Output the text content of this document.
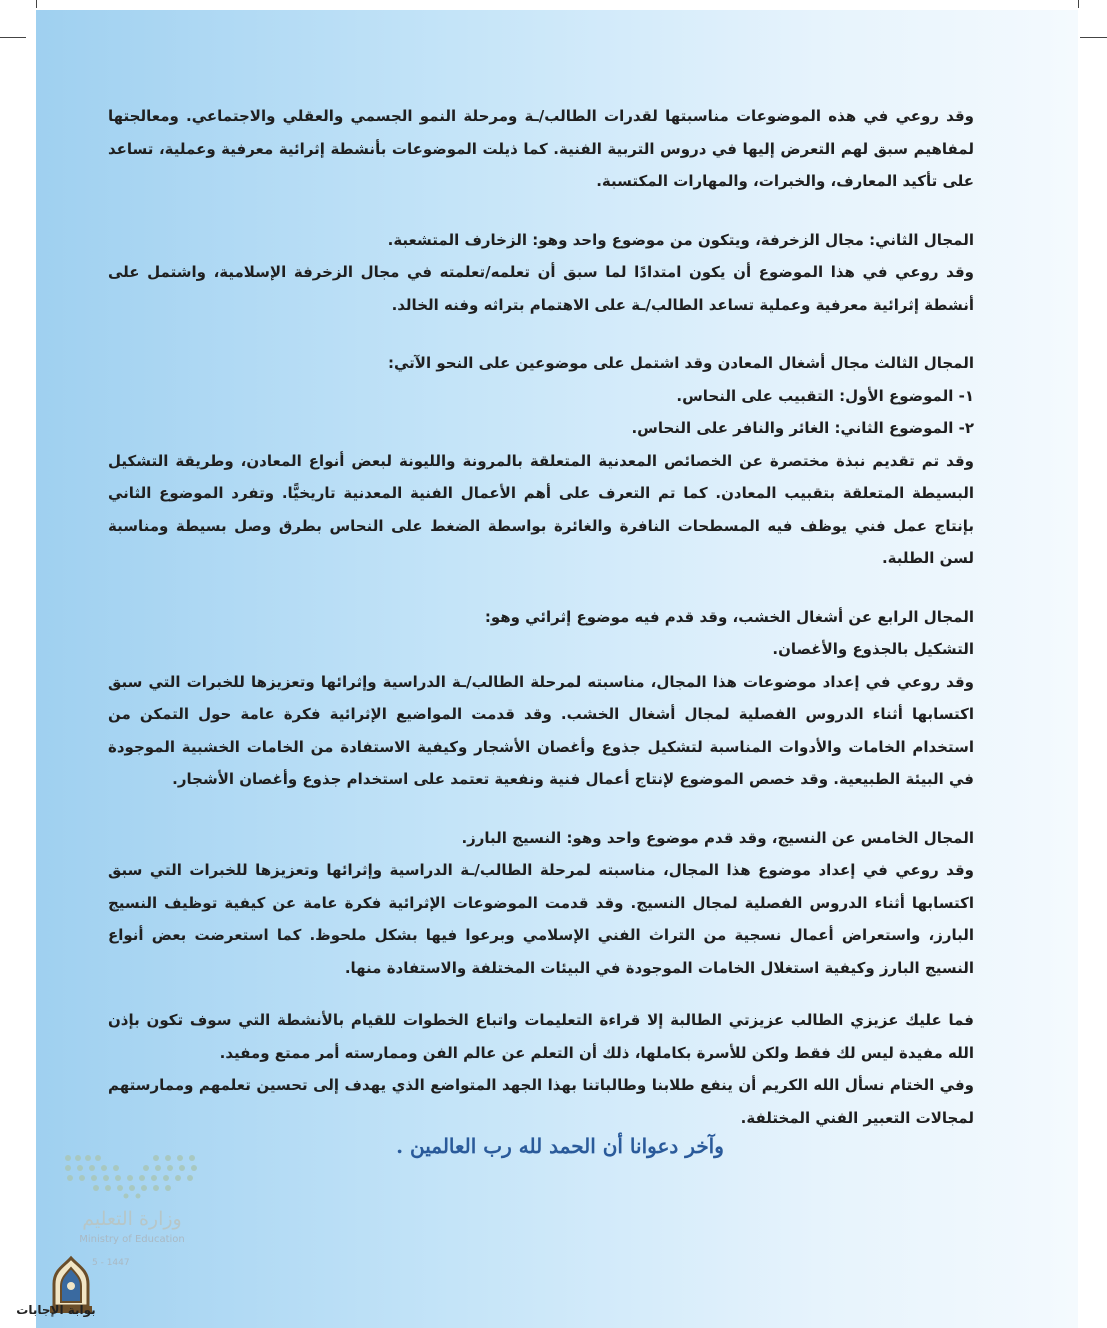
وقد روعي في هذه الموضوعات مناسبتها لقدرات الطالب/ـة ومرحلة النمو الجسمي والعقلي والاجتماعي. ومعالجتها لمفاهيم سبق لهم التعرض إليها في دروس التربية الفنية. كما ذيلت الموضوعات بأنشطة إثرائية معرفية وعملية، تساعد على تأكيد المعارف، والخبرات، والمهارات المكتسبة.

المجال الثاني: مجال الزخرفة، ويتكون من موضوع واحد وهو: الزخارف المتشعبة.

وقد روعي في هذا الموضوع أن يكون امتدادًا لما سبق أن تعلمه/تعلمته في مجال الزخرفة الإسلامية، واشتمل على أنشطة إثرائية معرفية وعملية تساعد الطالب/ـة على الاهتمام بتراثه وفنه الخالد.

المجال الثالث مجال أشغال المعادن وقد اشتمل على موضوعين على النحو الآتي:

١- الموضوع الأول: التقبيب على النحاس.

٢- الموضوع الثاني: الغائر والنافر على النحاس.

وقد تم تقديم نبذة مختصرة عن الخصائص المعدنية المتعلقة بالمرونة والليونة لبعض أنواع المعادن، وطريقة التشكيل البسيطة المتعلقة بتقبيب المعادن. كما تم التعرف على أهم الأعمال الفنية المعدنية تاريخيًّا. وتفرد الموضوع الثاني بإنتاج عمل فني يوظف فيه المسطحات النافرة والغائرة بواسطة الضغط على النحاس بطرق وصل بسيطة ومناسبة لسن الطلبة.

المجال الرابع عن أشغال الخشب، وقد قدم فيه موضوع إثرائي وهو:

التشكيل بالجذوع والأغصان.

وقد روعي في إعداد موضوعات هذا المجال، مناسبته لمرحلة الطالب/ـة الدراسية وإثرائها وتعزيزها للخبرات التي سبق اكتسابها أثناء الدروس الفصلية لمجال أشغال الخشب. وقد قدمت المواضيع الإثرائية فكرة عامة حول التمكن من استخدام الخامات والأدوات المناسبة لتشكيل جذوع وأغصان الأشجار وكيفية الاستفادة من الخامات الخشبية الموجودة في البيئة الطبيعية. وقد خصص الموضوع لإنتاج أعمال فنية ونفعية تعتمد على استخدام جذوع وأغصان الأشجار.

المجال الخامس عن النسيج، وقد قدم موضوع واحد وهو: النسيج البارز.

وقد روعي في إعداد موضوع هذا المجال، مناسبته لمرحلة الطالب/ـة الدراسية وإثرائها وتعزيزها للخبرات التي سبق اكتسابها أثناء الدروس الفصلية لمجال النسيج. وقد قدمت الموضوعات الإثرائية فكرة عامة عن كيفية توظيف النسيج البارز، واستعراض أعمال نسجية من التراث الفني الإسلامي وبرعوا فيها بشكل ملحوظ. كما استعرضت بعض أنواع النسيج البارز وكيفية استغلال الخامات الموجودة في البيئات المختلفة والاستفادة منها.

فما عليك عزيزي الطالب عزيزتي الطالبة إلا قراءة التعليمات واتباع الخطوات للقيام بالأنشطة التي سوف تكون بإذن الله مفيدة ليس لك فقط ولكن للأسرة بكاملها، ذلك أن التعلم عن عالم الفن وممارسته أمر ممتع ومفيد.

وفي الختام نسأل الله الكريم أن ينفع طلابنا وطالباتنا بهذا الجهد المتواضع الذي يهدف إلى تحسين تعلمهم وممارستهم لمجالات التعبير الفني المختلفة.

وآخر دعوانا أن الحمد لله رب العالمين .
وزارة التعليم
Ministry of Education
5 - 1447
بوابة الإجابات
